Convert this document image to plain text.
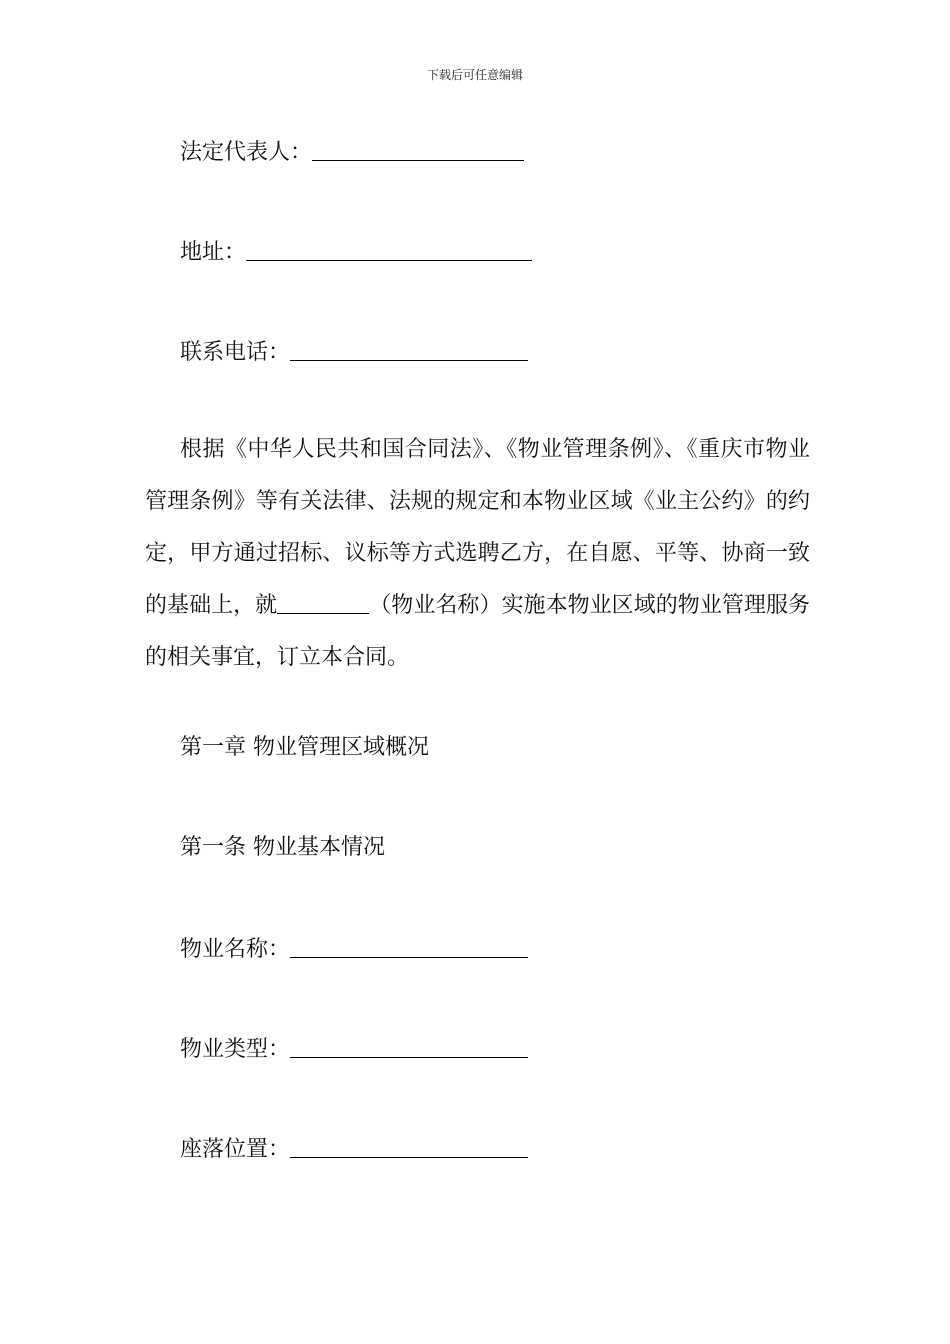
下载后可任意编辑
法定代表人：
地址：
联系电话：
根据《中华人民共和国合同法》、《物业管理条例》、《重庆市物业管理条例》等有关法律、法规的规定和本物业区域《业主公约》的约定，甲方通过招标、议标等方式选聘乙方，在自愿、平等、协商一致的基础上，就	（物业名称）实施本物业区域的物业管理服务的相关事宜，订立本合同。
第一章 物业管理区域概况
第一条 物业基本情况
物业名称：
物业类型：
座落位置：
